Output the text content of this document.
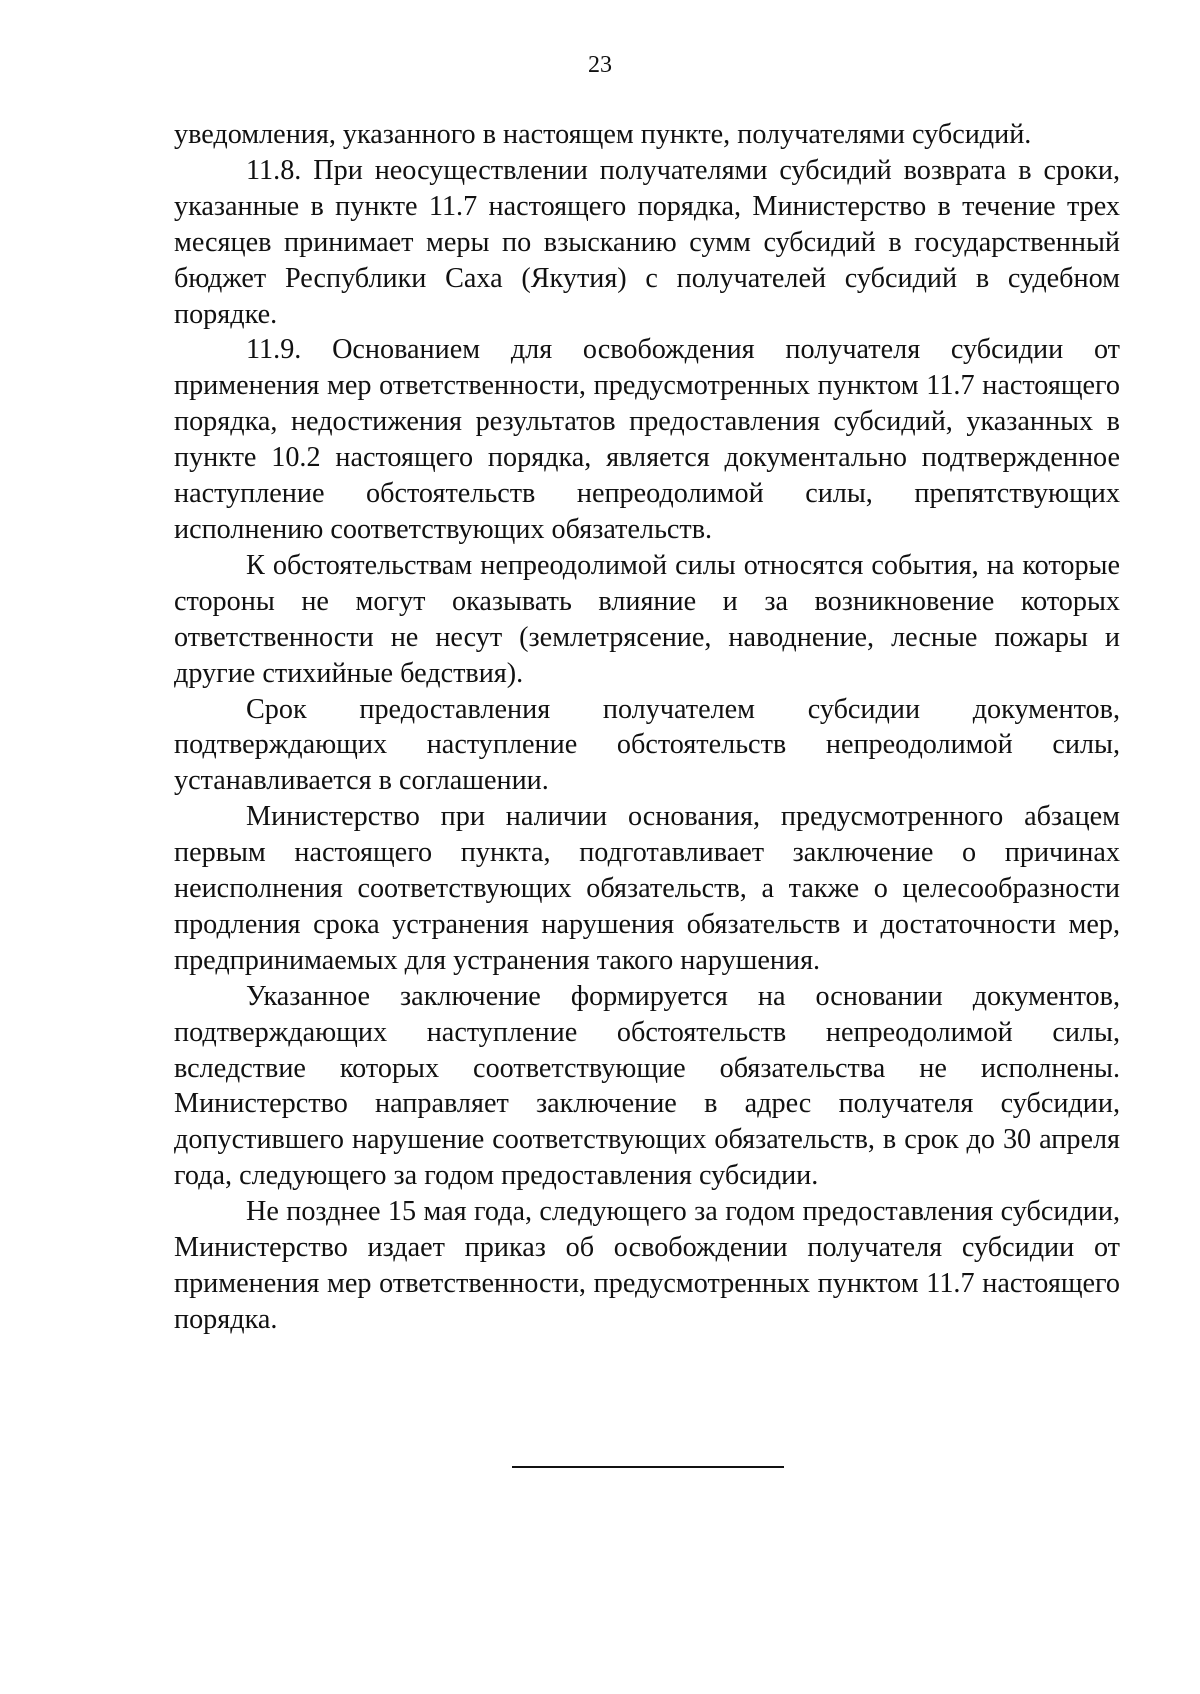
23

уведомления, указанного в настоящем пункте, получателями субсидий.

11.8. При неосуществлении получателями субсидий возврата в сроки, указанные в пункте 11.7 настоящего порядка, Министерство в течение трех месяцев принимает меры по взысканию сумм субсидий в государственный бюджет Республики Саха (Якутия) с получателей субсидий в судебном порядке.

11.9. Основанием для освобождения получателя субсидии от применения мер ответственности, предусмотренных пунктом 11.7 настоящего порядка, недостижения результатов предоставления субсидий, указанных в пункте 10.2 настоящего порядка, является документально подтвержденное наступление обстоятельств непреодолимой силы, препятствующих исполнению соответствующих обязательств.

К обстоятельствам непреодолимой силы относятся события, на которые стороны не могут оказывать влияние и за возникновение которых ответственности не несут (землетрясение, наводнение, лесные пожары и другие стихийные бедствия).

Срок предоставления получателем субсидии документов, подтверждающих наступление обстоятельств непреодолимой силы, устанавливается в соглашении.

Министерство при наличии основания, предусмотренного абзацем первым настоящего пункта, подготавливает заключение о причинах неисполнения соответствующих обязательств, а также о целесообразности продления срока устранения нарушения обязательств и достаточности мер, предпринимаемых для устранения такого нарушения.

Указанное заключение формируется на основании документов, подтверждающих наступление обстоятельств непреодолимой силы, вследствие которых соответствующие обязательства не исполнены. Министерство направляет заключение в адрес получателя субсидии, допустившего нарушение соответствующих обязательств, в срок до 30 апреля года, следующего за годом предоставления субсидии.

Не позднее 15 мая года, следующего за годом предоставления субсидии, Министерство издает приказ об освобождении получателя субсидии от применения мер ответственности, предусмотренных пунктом 11.7 настоящего порядка.
